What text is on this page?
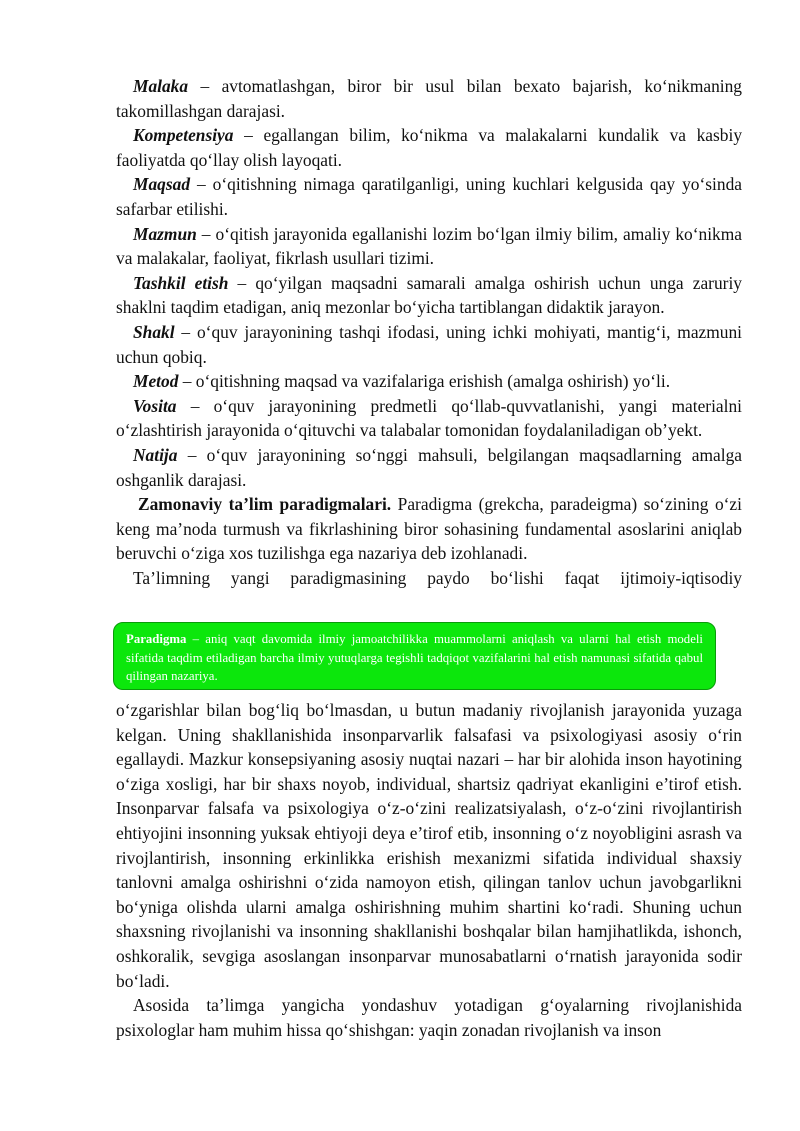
Malaka – avtomatlashgan, biror bir usul bilan bexato bajarish, ko‘nikmaning takomillashgan darajasi.

Kompetensiya – egallangan bilim, ko‘nikma va malakalarni kundalik va kasbiy faoliyatda qo‘llay olish layoqati.

Maqsad – o‘qitishning nimaga qaratilganligi, uning kuchlari kelgusida qay yo‘sinda safarbar etilishi.

Mazmun – o‘qitish jarayonida egallanishi lozim bo‘lgan ilmiy bilim, amaliy ko‘nikma va malakalar, faoliyat, fikrlash usullari tizimi.

Tashkil etish – qo‘yilgan maqsadni samarali amalga oshirish uchun unga zaruriy shaklni taqdim etadigan, aniq mezonlar bo‘yicha tartiblangan didaktik jarayon.

Shakl – o‘quv jarayonining tashqi ifodasi, uning ichki mohiyati, mantig‘i, mazmuni uchun qobiq.

Metod – o‘qitishning maqsad va vazifalariga erishish (amalga oshirish) yo‘li.

Vosita – o‘quv jarayonining predmetli qo‘llab-quvvatlanishi, yangi materialni o‘zlashtirish jarayonida o‘qituvchi va talabalar tomonidan foydalaniladigan ob’yekt.

Natija – o‘quv jarayonining so‘nggi mahsuli, belgilangan maqsadlarning amalga oshganlik darajasi.

Zamonaviy ta’lim paradigmalari. Paradigma (grekcha, paradeigma) so‘zining o‘zi keng ma’noda turmush va fikrlashining biror sohasining fundamental asoslarini aniqlab beruvchi o‘ziga xos tuzilishga ega nazariya deb izohlanadi.

Ta’limning yangi paradigmasining paydo bo‘lishi faqat ijtimoiy-iqtisodiy

Paradigma – aniq vaqt davomida ilmiy jamoatchilikka muammolarni aniqlash va ularni hal etish modeli sifatida taqdim etiladigan barcha ilmiy yutuqlarga tegishli tadqiqot vazifalarini hal etish namunasi sifatida qabul qilingan nazariya.

o‘zgarishlar bilan bog‘liq bo‘lmasdan, u butun madaniy rivojlanish jarayonida yuzaga kelgan. Uning shakllanishida insonparvarlik falsafasi va psixologiyasi asosiy o‘rin egallaydi. Mazkur konsepsiyaning asosiy nuqtai nazari – har bir alohida inson hayotining o‘ziga xosligi, har bir shaxs noyob, individual, shartsiz qadriyat ekanligini e’tirof etish. Insonparvar falsafa va psixologiya o‘z-o‘zini realizatsiyalash, o‘z-o‘zini rivojlantirish ehtiyojini insonning yuksak ehtiyoji deya e’tirof etib, insonning o‘z noyobligini asrash va rivojlantirish, insonning erkinlikka erishish mexanizmi sifatida individual shaxsiy tanlovni amalga oshirishni o‘zida namoyon etish, qilingan tanlov uchun javobgarlikni bo‘yniga olishda ularni amalga oshirishning muhim shartini ko‘radi. Shuning uchun shaxsning rivojlanishi va insonning shakllanishi boshqalar bilan hamjihatlikda, ishonch, oshkoralik, sevgiga asoslangan insonparvar munosabatlarni o‘rnatish jarayonida sodir bo‘ladi.

Asosida ta’limga yangicha yondashuv yotadigan g‘oyalarning rivojlanishida psixologlar ham muhim hissa qo‘shishgan: yaqin zonadan rivojlanish va inson
